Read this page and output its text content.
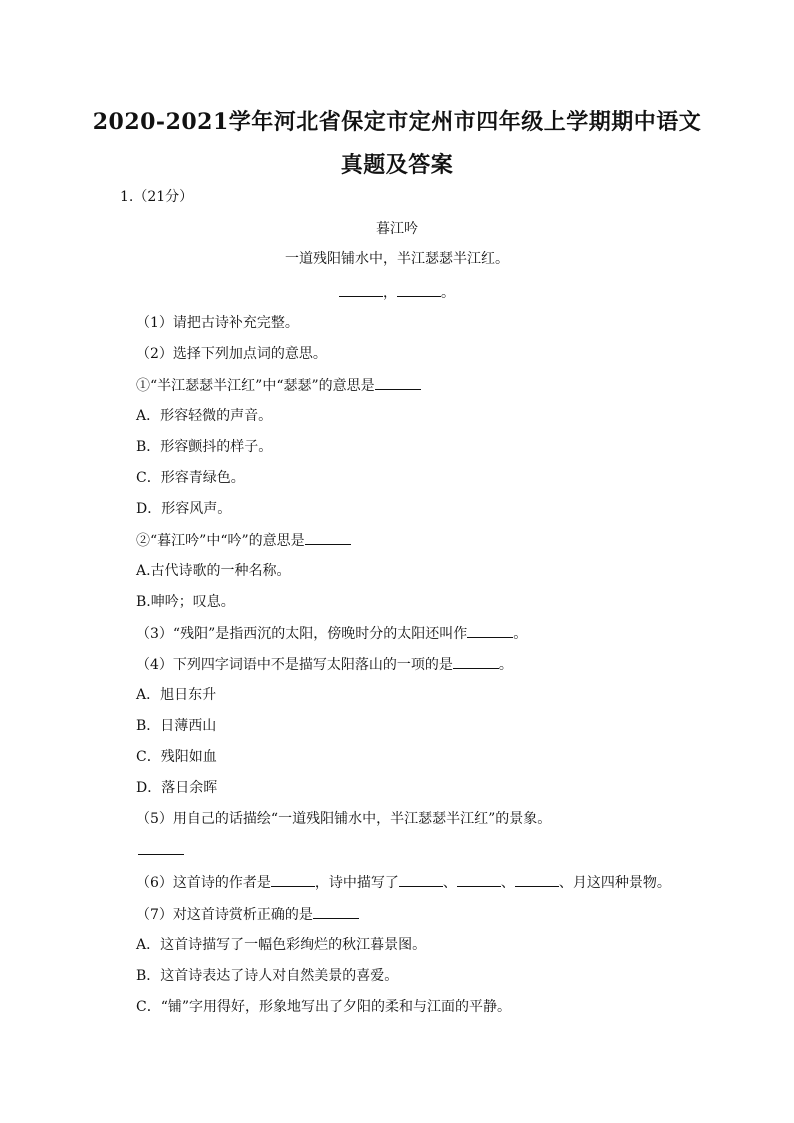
2020-2021学年河北省保定市定州市四年级上学期期中语文
真题及答案
1.（21分）
暮江吟
一道残阳铺水中，半江瑟瑟半江红。
，	。
（1）请把古诗补充完整。
（2）选择下列加点词的意思。
①“半江瑟瑟半江红”中“瑟瑟”的意思是
A．形容轻微的声音。
B．形容颤抖的样子。
C．形容青绿色。
D．形容风声。
②“暮江吟”中“吟”的意思是
A.古代诗歌的一种名称。
B.呻吟；叹息。
（3）“残阳”是指西沉的太阳，傍晚时分的太阳还叫作	。
（4）下列四字词语中不是描写太阳落山的一项的是	。
A．旭日东升
B．日薄西山
C．残阳如血
D．落日余晖
（5）用自己的话描绘“一道残阳铺水中，半江瑟瑟半江红”的景象。
（6）这首诗的作者是	，诗中描写了	、	、	、月这四种景物。
（7）对这首诗赏析正确的是
A．这首诗描写了一幅色彩绚烂的秋江暮景图。
B．这首诗表达了诗人对自然美景的喜爱。
C．“铺”字用得好，形象地写出了夕阳的柔和与江面的平静。
